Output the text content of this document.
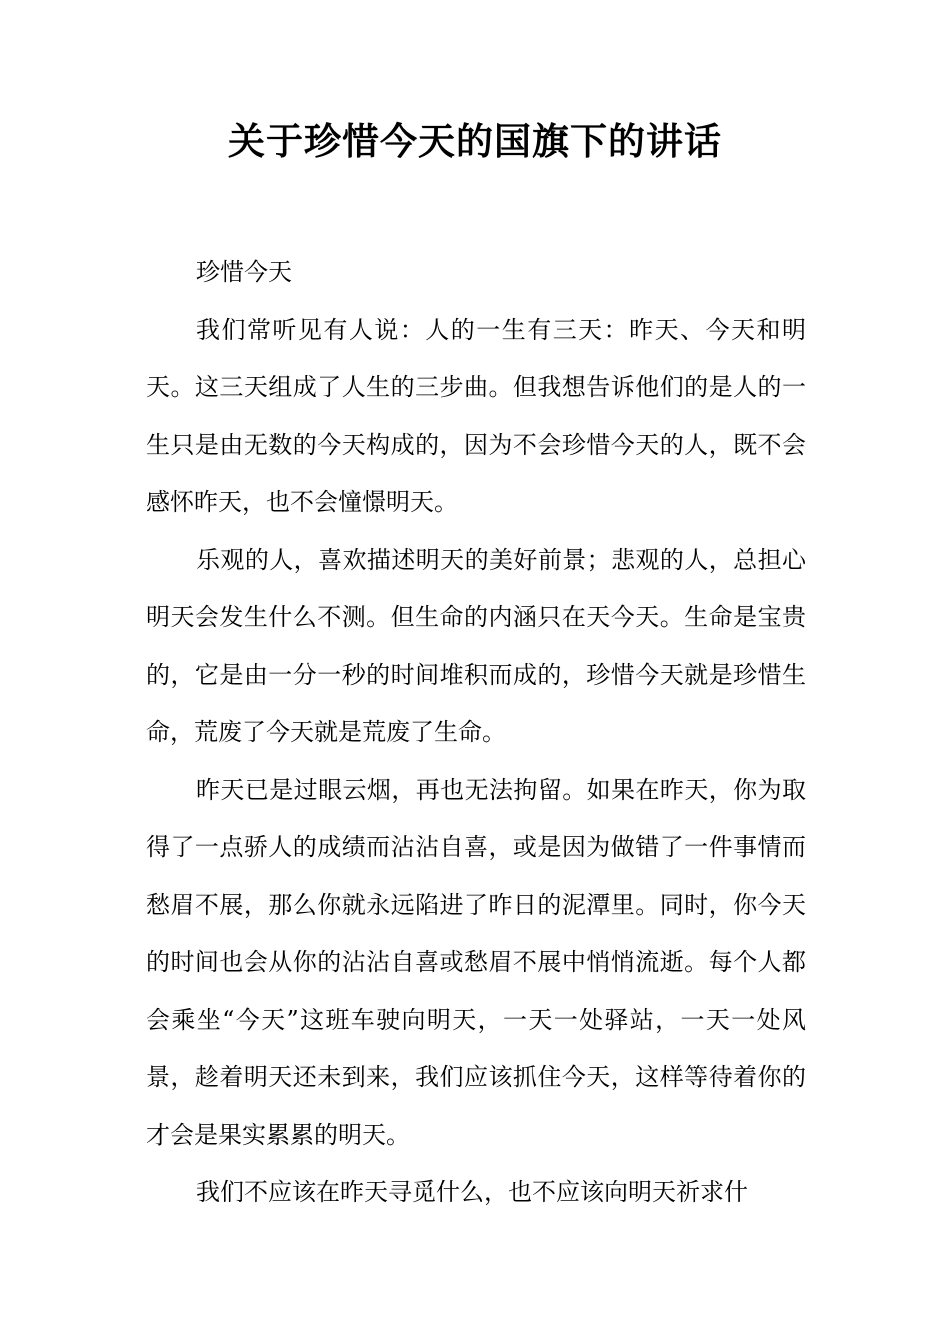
关于珍惜今天的国旗下的讲话

珍惜今天

我们常听见有人说：人的一生有三天：昨天、今天和明天。这三天组成了人生的三步曲。但我想告诉他们的是人的一生只是由无数的今天构成的，因为不会珍惜今天的人，既不会感怀昨天，也不会憧憬明天。

乐观的人，喜欢描述明天的美好前景；悲观的人，总担心明天会发生什么不测。但生命的内涵只在天今天。生命是宝贵的，它是由一分一秒的时间堆积而成的，珍惜今天就是珍惜生命，荒废了今天就是荒废了生命。

昨天已是过眼云烟，再也无法拘留。如果在昨天，你为取得了一点骄人的成绩而沾沾自喜，或是因为做错了一件事情而愁眉不展，那么你就永远陷进了昨日的泥潭里。同时，你今天的时间也会从你的沾沾自喜或愁眉不展中悄悄流逝。每个人都会乘坐“今天”这班车驶向明天，一天一处驿站，一天一处风景，趁着明天还未到来，我们应该抓住今天，这样等待着你的才会是果实累累的明天。

我们不应该在昨天寻觅什么，也不应该向明天祈求什
